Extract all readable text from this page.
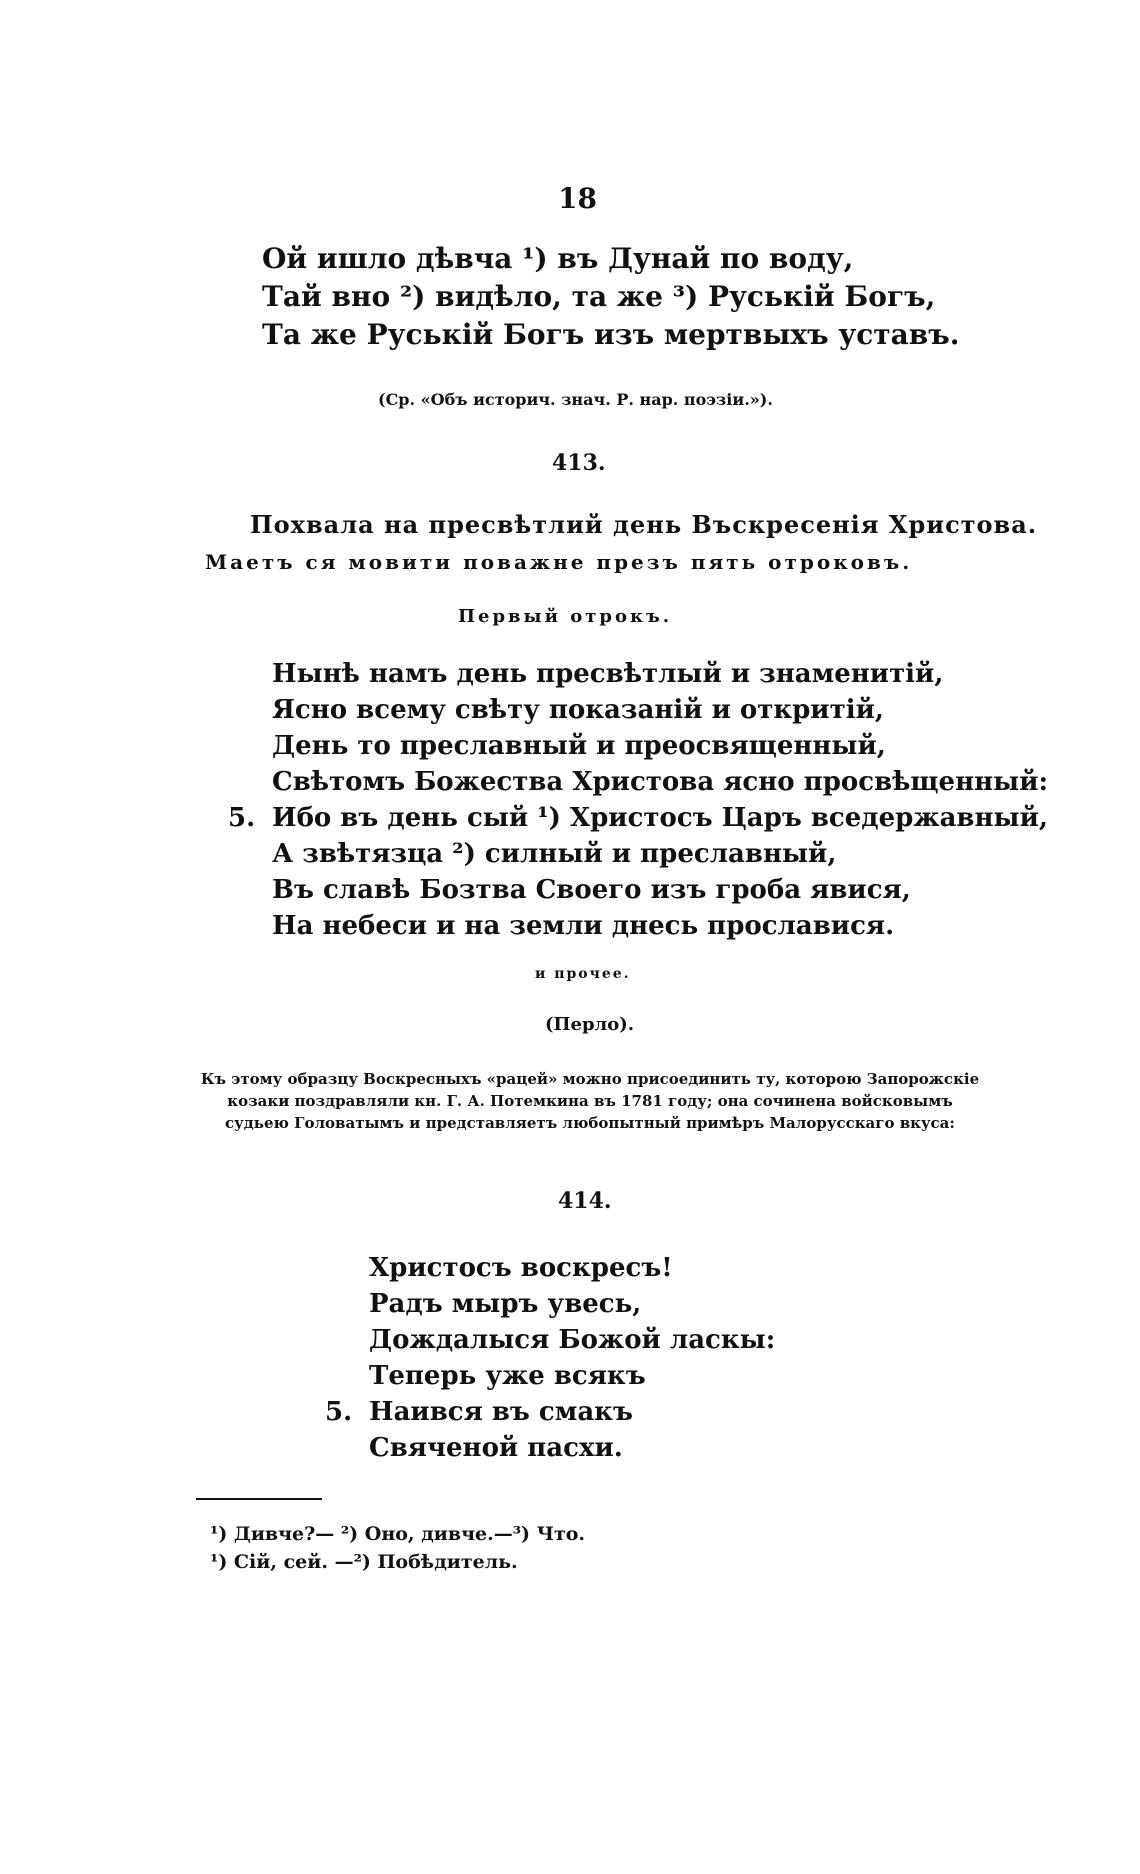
18
Ой ишло дѣвча ¹) въ Дунай по воду,
Тай вно ²) видѣло, та же ³) Руській Богъ,
Та же Руській Богъ изъ мертвыхъ уставъ.
(Ср. «Объ историч. знач. Р. нар. поэзіи.»).
413.
Похвала на пресвѣтлий день Въскресенія Христова.
Маетъ ся мовити поважне презъ пять отроковъ.
Первый отрокъ.
Нынѣ намъ день пресвѣтлый и знаменитій,
Ясно всему свѣту показаній и откритій,
День то преславный и преосвященный,
Свѣтомъ Божества Христова ясно просвѣщенный:
5. Ибо въ день сый ¹) Христосъ Царъ вседержавный,
А звѣтязца ²) силный и преславный,
Въ славѣ Бозтва Своего изъ гроба явися,
На небеси и на земли днесь прославися.
и прочее.
(Перло).
Къ этому образцу Воскресныхъ «рацей» можно присоединить ту, которою Запорожскіе козаки поздравляли кн. Г. А. Потемкина въ 1781 году; она сочинена войсковымъ судьею Головатымъ и представляетъ любопытный примѣръ Малорусскаго вкуса:
414.
Христосъ воскресъ!
Радъ мыръ увесь,
Дождалыся Божой ласкы:
Теперь уже всякъ
5. Наився въ смакъ
Свяченой пасхи.
¹) Дивче?— ²) Оно, дивче.—³) Что.
¹) Сій, сей. —²) Побѣдитель.
